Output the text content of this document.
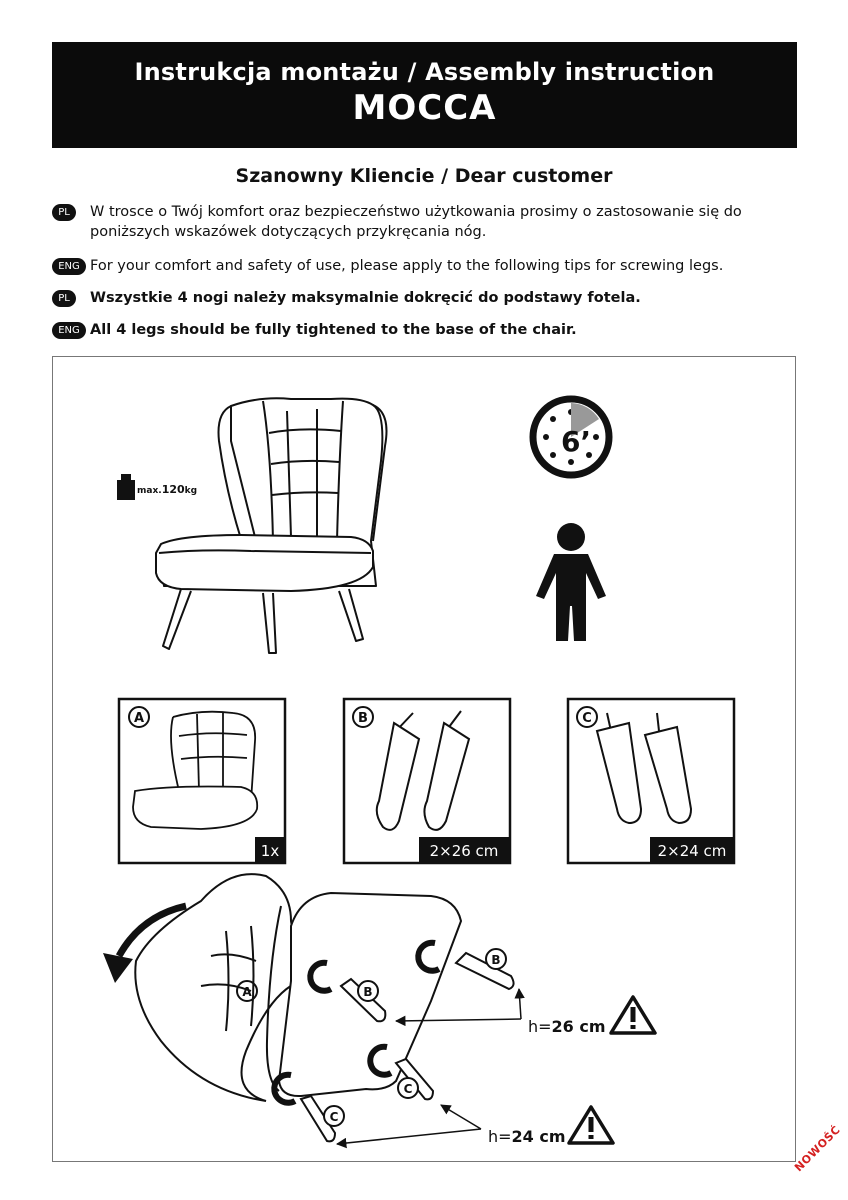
Instrukcja montażu / Assembly instruction
MOCCA
Szanowny Kliencie / Dear customer
PL	W trosce o Twój komfort oraz bezpieczeństwo użytkowania prosimy o zastosowanie się do poniższych wskazówek dotyczących przykręcania nóg.
ENG For your comfort and safety of use, please apply to the following tips for screwing legs.
PL	Wszystkie 4 nogi należy maksymalnie dokręcić do podstawy fotela.
ENG All 4 legs should be fully tightened to the base of the chair.
max.120kg
6’
A
1x
B
2×26 cm
C
2×24 cm
A
B
B
C
C
h=26 cm
h=24 cm	NOWOŚĆ
